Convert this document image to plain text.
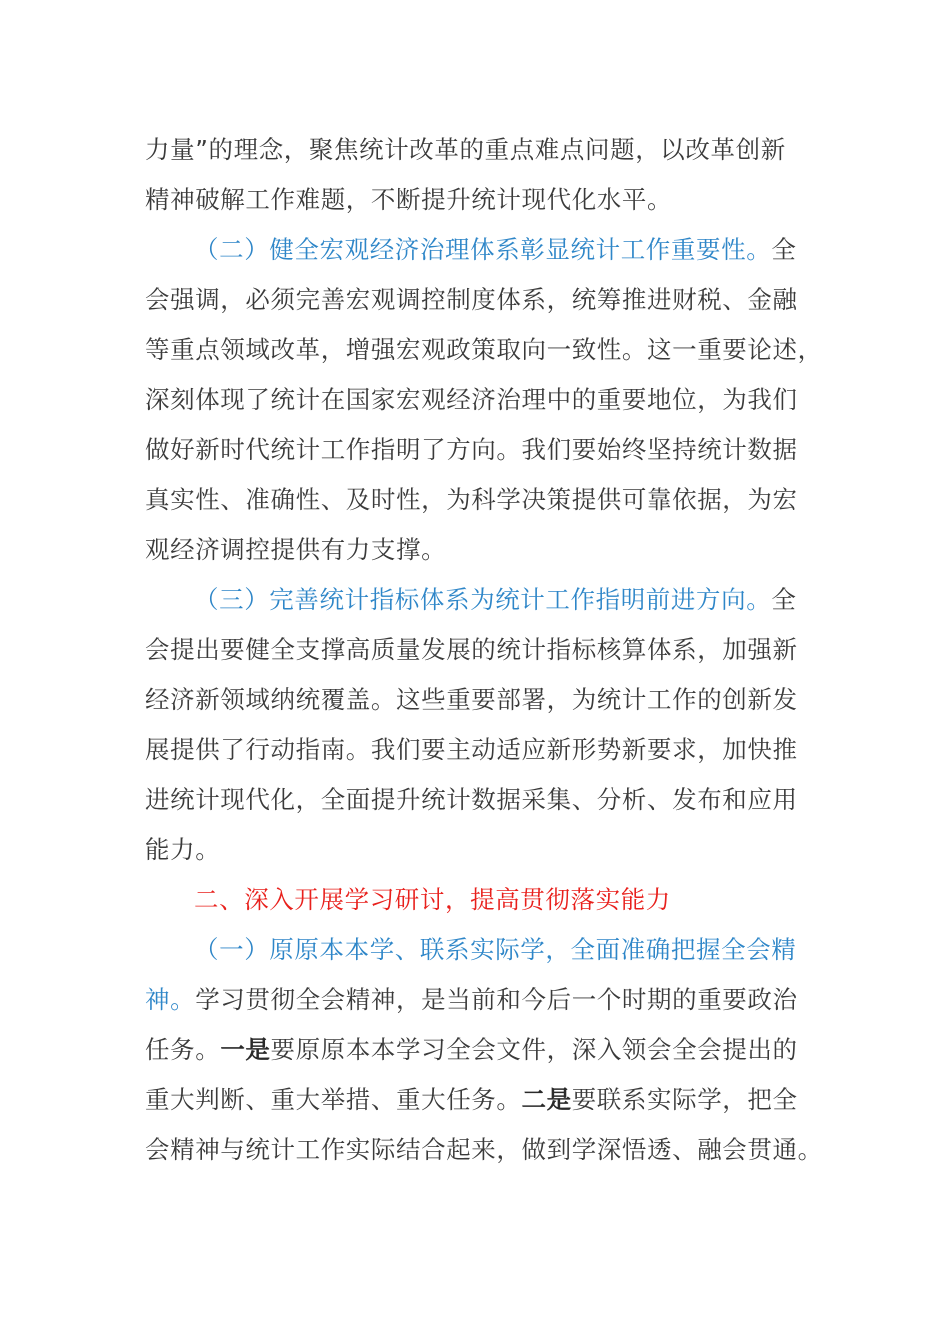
力量”的理念，聚焦统计改革的重点难点问题，以改革创新
精神破解工作难题，不断提升统计现代化水平。
（二）健全宏观经济治理体系彰显统计工作重要性。全
会强调，必须完善宏观调控制度体系，统筹推进财税、金融
等重点领域改革，增强宏观政策取向一致性。这一重要论述，
深刻体现了统计在国家宏观经济治理中的重要地位，为我们
做好新时代统计工作指明了方向。我们要始终坚持统计数据
真实性、准确性、及时性，为科学决策提供可靠依据，为宏
观经济调控提供有力支撑。
（三）完善统计指标体系为统计工作指明前进方向。全
会提出要健全支撑高质量发展的统计指标核算体系，加强新
经济新领域纳统覆盖。这些重要部署，为统计工作的创新发
展提供了行动指南。我们要主动适应新形势新要求，加快推
进统计现代化，全面提升统计数据采集、分析、发布和应用
能力。
二、深入开展学习研讨，提高贯彻落实能力
（一）原原本本学、联系实际学，全面准确把握全会精
神。学习贯彻全会精神，是当前和今后一个时期的重要政治
任务。一是要原原本本学习全会文件，深入领会全会提出的
重大判断、重大举措、重大任务。二是要联系实际学，把全
会精神与统计工作实际结合起来，做到学深悟透、融会贯通。
